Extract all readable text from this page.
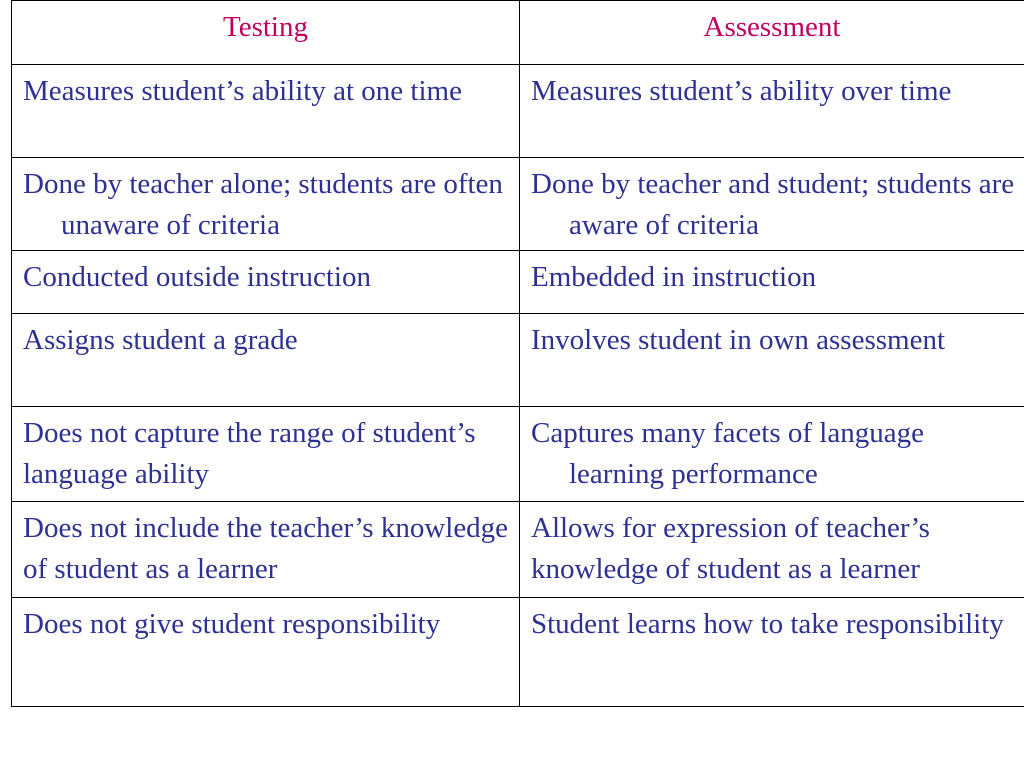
Testing	Assessment

Measures student’s ability at one time	Measures student’s ability over time

Done by teacher alone; students are often unaware of criteria	Done by teacher and student; students are aware of criteria

Conducted outside instruction	Embedded in instruction

Assigns student a grade	Involves student in own assessment

Does not capture the range of student’s language ability	Captures many facets of language learning performance

Does not include the teacher’s knowledge of student as a learner	Allows for expression of teacher’s knowledge of student as a learner

Does not give student responsibility	Student learns how to take responsibility
